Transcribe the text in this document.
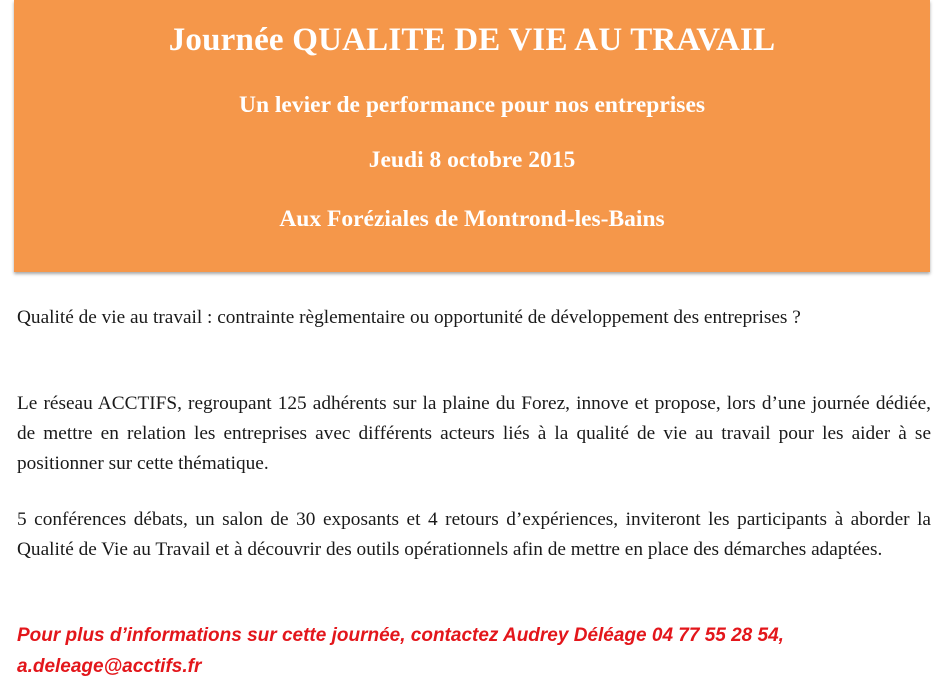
Journée QUALITE DE VIE AU TRAVAIL
Un levier de performance pour nos entreprises
Jeudi 8 octobre 2015
Aux Foréziales de Montrond-les-Bains

Qualité de vie au travail : contrainte règlementaire ou opportunité de développement des entreprises ?

Le réseau ACCTIFS, regroupant 125 adhérents sur la plaine du Forez, innove et propose, lors d’une journée dédiée, de mettre en relation les entreprises avec différents acteurs liés à la qualité de vie au travail pour les aider à se positionner sur cette thématique.

5 conférences débats, un salon de 30 exposants et 4 retours d’expériences, inviteront les participants à aborder la Qualité de Vie au Travail et à découvrir des outils opérationnels afin de mettre en place des démarches adaptées.

Pour plus d’informations sur cette journée, contactez Audrey Déléage 04 77 55 28 54,
a.deleage@acctifs.fr
